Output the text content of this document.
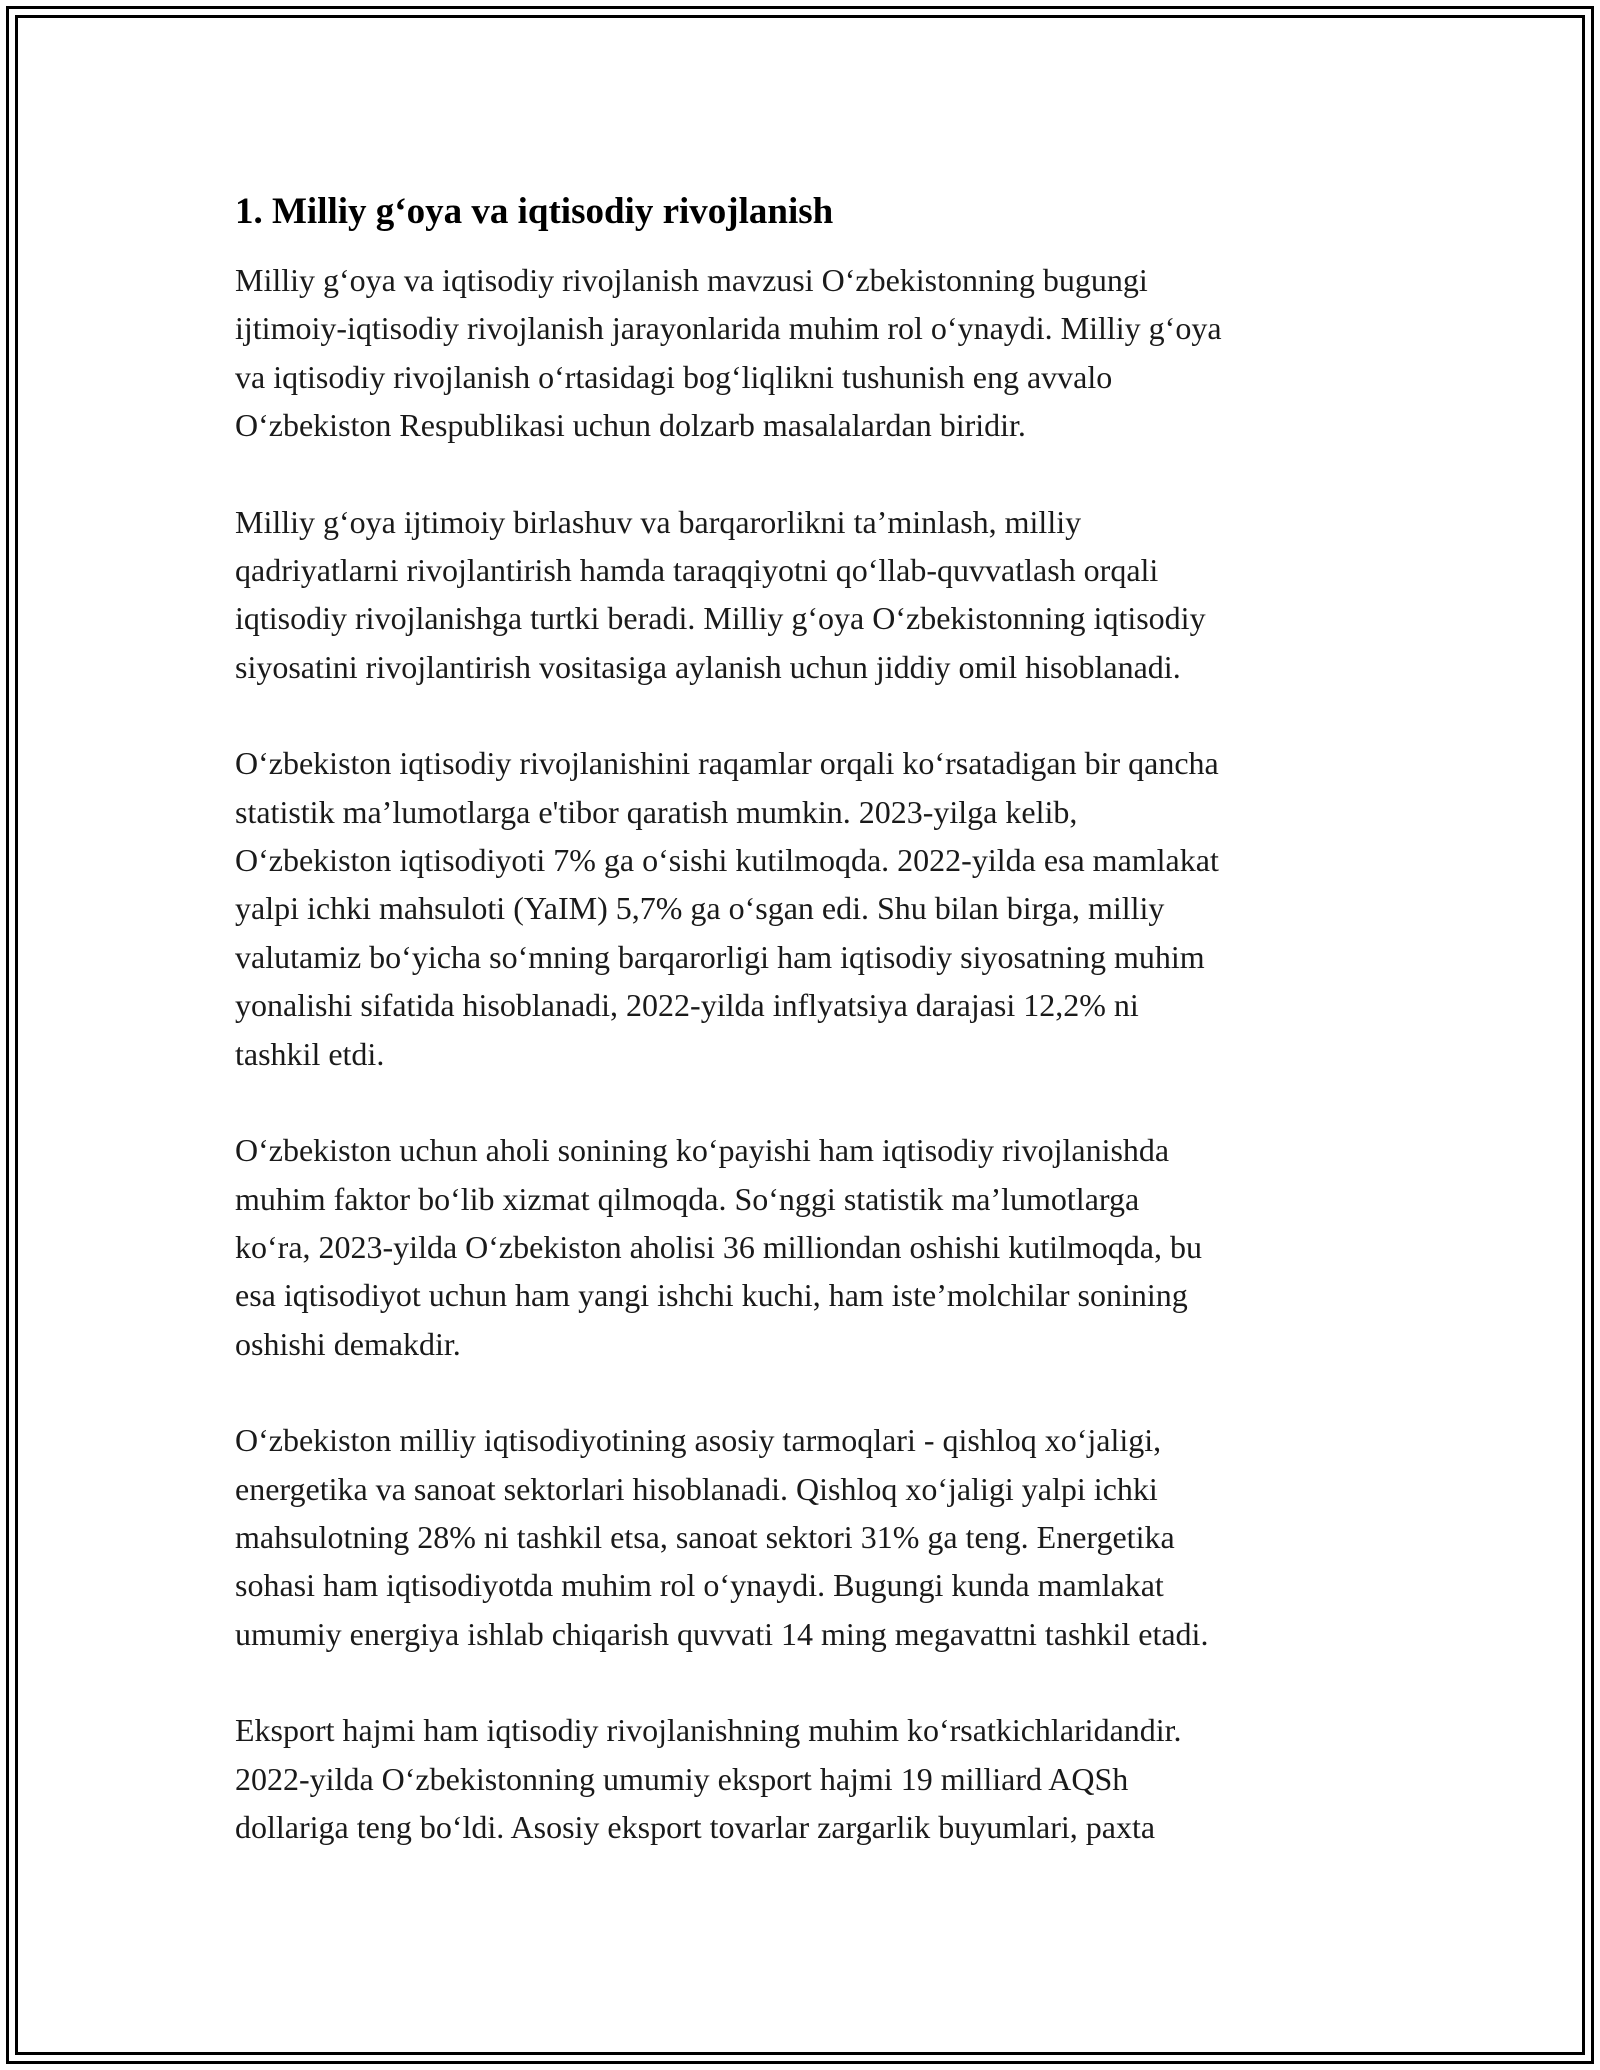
1. Milliy gʻoya va iqtisodiy rivojlanish

Milliy gʻoya va iqtisodiy rivojlanish mavzusi Oʻzbekistonning bugungi
ijtimoiy-iqtisodiy rivojlanish jarayonlarida muhim rol oʻynaydi. Milliy gʻoya
va iqtisodiy rivojlanish oʻrtasidagi bogʻliqlikni tushunish eng avvalo
Oʻzbekiston Respublikasi uchun dolzarb masalalardan biridir.

Milliy gʻoya ijtimoiy birlashuv va barqarorlikni taʼminlash, milliy
qadriyatlarni rivojlantirish hamda taraqqiyotni qoʻllab-quvvatlash orqali
iqtisodiy rivojlanishga turtki beradi. Milliy gʻoya Oʻzbekistonning iqtisodiy
siyosatini rivojlantirish vositasiga aylanish uchun jiddiy omil hisoblanadi.

Oʻzbekiston iqtisodiy rivojlanishini raqamlar orqali koʻrsatadigan bir qancha
statistik maʼlumotlarga e'tibor qaratish mumkin. 2023-yilga kelib,
Oʻzbekiston iqtisodiyoti 7% ga oʻsishi kutilmoqda. 2022-yilda esa mamlakat
yalpi ichki mahsuloti (YaIM) 5,7% ga oʻsgan edi. Shu bilan birga, milliy
valutamiz boʻyicha soʻmning barqarorligi ham iqtisodiy siyosatning muhim
yonalishi sifatida hisoblanadi, 2022-yilda inflyatsiya darajasi 12,2% ni
tashkil etdi.

Oʻzbekiston uchun aholi sonining koʻpayishi ham iqtisodiy rivojlanishda
muhim faktor boʻlib xizmat qilmoqda. Soʻnggi statistik maʼlumotlarga
koʻra, 2023-yilda Oʻzbekiston aholisi 36 milliondan oshishi kutilmoqda, bu
esa iqtisodiyot uchun ham yangi ishchi kuchi, ham isteʼmolchilar sonining
oshishi demakdir.

Oʻzbekiston milliy iqtisodiyotining asosiy tarmoqlari - qishloq xoʻjaligi,
energetika va sanoat sektorlari hisoblanadi. Qishloq xoʻjaligi yalpi ichki
mahsulotning 28% ni tashkil etsa, sanoat sektori 31% ga teng. Energetika
sohasi ham iqtisodiyotda muhim rol oʻynaydi. Bugungi kunda mamlakat
umumiy energiya ishlab chiqarish quvvati 14 ming megavattni tashkil etadi.

Eksport hajmi ham iqtisodiy rivojlanishning muhim koʻrsatkichlaridandir.
2022-yilda Oʻzbekistonning umumiy eksport hajmi 19 milliard AQSh
dollariga teng boʻldi. Asosiy eksport tovarlar zargarlik buyumlari, paxta
